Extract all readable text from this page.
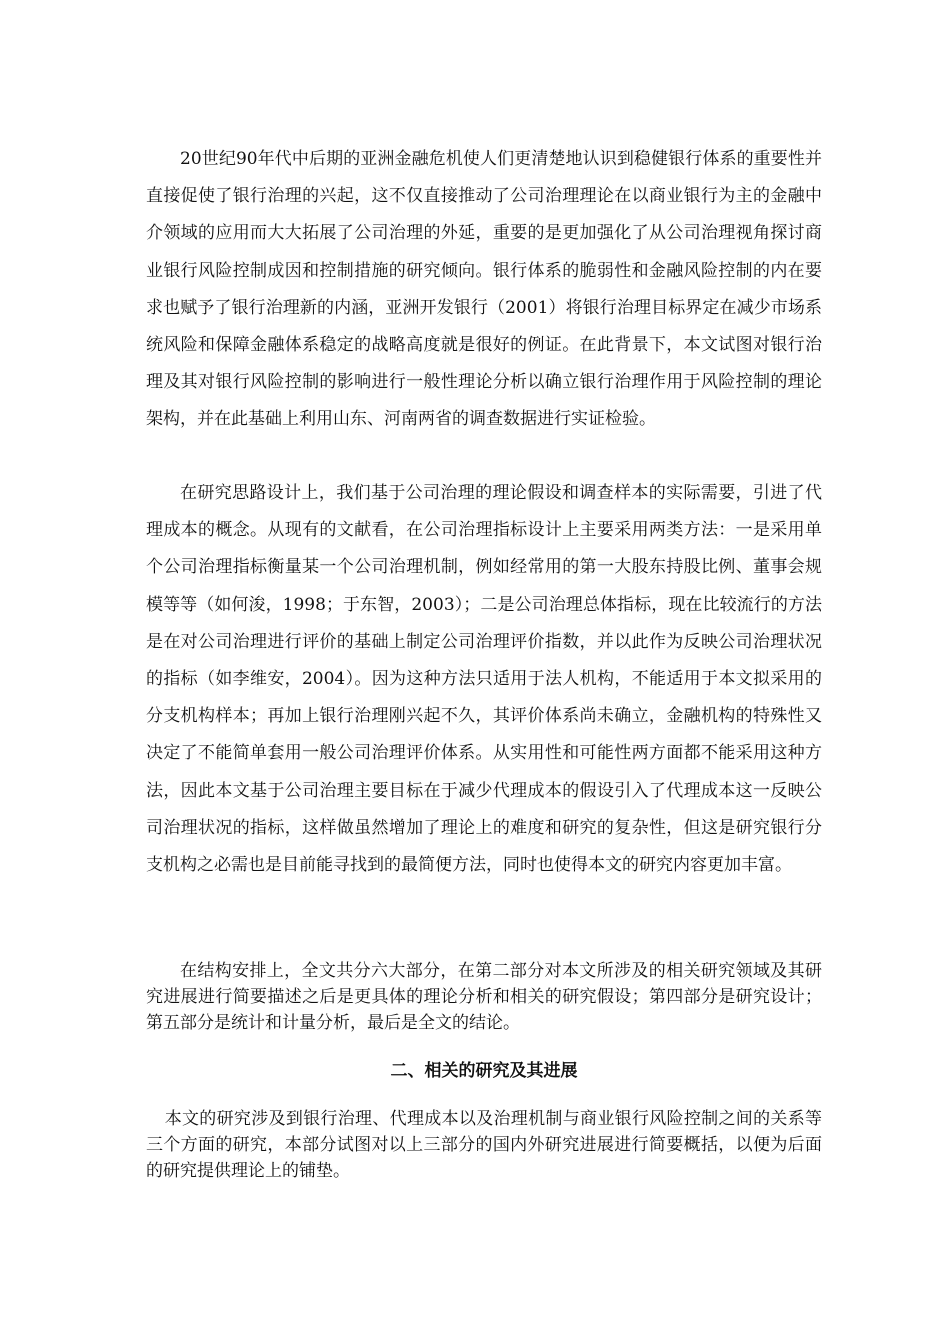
20世纪90年代中后期的亚洲金融危机使人们更清楚地认识到稳健银行体系的重要性并直接促使了银行治理的兴起，这不仅直接推动了公司治理理论在以商业银行为主的金融中介领域的应用而大大拓展了公司治理的外延，重要的是更加强化了从公司治理视角探讨商业银行风险控制成因和控制措施的研究倾向。银行体系的脆弱性和金融风险控制的内在要求也赋予了银行治理新的内涵，亚洲开发银行（2001）将银行治理目标界定在减少市场系统风险和保障金融体系稳定的战略高度就是很好的例证。在此背景下，本文试图对银行治理及其对银行风险控制的影响进行一般性理论分析以确立银行治理作用于风险控制的理论架构，并在此基础上利用山东、河南两省的调查数据进行实证检验。

在研究思路设计上，我们基于公司治理的理论假设和调查样本的实际需要，引进了代理成本的概念。从现有的文献看，在公司治理指标设计上主要采用两类方法：一是采用单个公司治理指标衡量某一个公司治理机制，例如经常用的第一大股东持股比例、董事会规模等等（如何浚，1998；于东智，2003）；二是公司治理总体指标，现在比较流行的方法是在对公司治理进行评价的基础上制定公司治理评价指数，并以此作为反映公司治理状况的指标（如李维安，2004）。因为这种方法只适用于法人机构，不能适用于本文拟采用的分支机构样本；再加上银行治理刚兴起不久，其评价体系尚未确立，金融机构的特殊性又决定了不能简单套用一般公司治理评价体系。从实用性和可能性两方面都不能采用这种方法，因此本文基于公司治理主要目标在于减少代理成本的假设引入了代理成本这一反映公司治理状况的指标，这样做虽然增加了理论上的难度和研究的复杂性，但这是研究银行分支机构之必需也是目前能寻找到的最简便方法，同时也使得本文的研究内容更加丰富。

在结构安排上，全文共分六大部分，在第二部分对本文所涉及的相关研究领域及其研究进展进行简要描述之后是更具体的理论分析和相关的研究假设；第四部分是研究设计；第五部分是统计和计量分析，最后是全文的结论。

二、相关的研究及其进展

本文的研究涉及到银行治理、代理成本以及治理机制与商业银行风险控制之间的关系等三个方面的研究，本部分试图对以上三部分的国内外研究进展进行简要概括，以便为后面的研究提供理论上的铺垫。
